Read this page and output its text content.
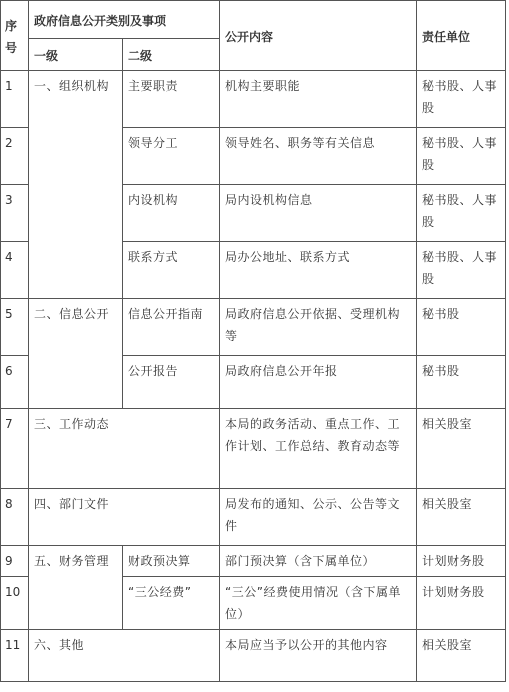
序号	政府信息公开类别及事项		公开内容	责任单位
	一级	二级		
1	一、组织机构	主要职责	机构主要职能	秘书股、人事股
2		领导分工	领导姓名、职务等有关信息	秘书股、人事股
3		内设机构	局内设机构信息	秘书股、人事股
4		联系方式	局办公地址、联系方式	秘书股、人事股
5	二、信息公开	信息公开指南	局政府信息公开依据、受理机构等	秘书股
6		公开报告	局政府信息公开年报	秘书股
7	三、工作动态		本局的政务活动、重点工作、工作计划、工作总结、教育动态等	相关股室
8	四、部门文件		局发布的通知、公示、公告等文件	相关股室
9	五、财务管理	财政预决算	部门预决算（含下属单位）	计划财务股
10		“三公经费”	“三公”经费使用情况（含下属单位）	计划财务股
11	六、其他		本局应当予以公开的其他内容	相关股室
